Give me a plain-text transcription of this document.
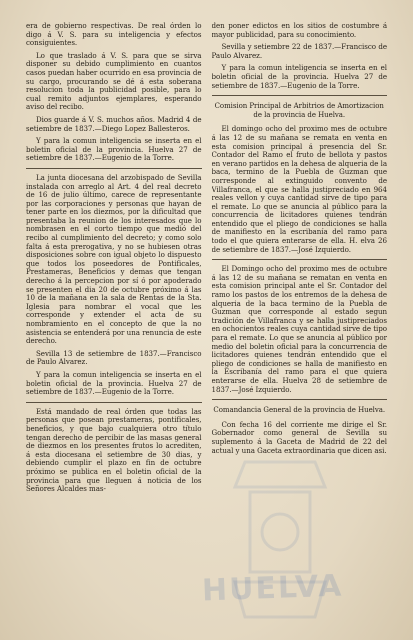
era de gobierno respectivas. De real órden lo digo á V. S. para su inteligencia y efectos consiguientes.

Lo que traslado á V. S. para que se sirva disponer su debido cumplimiento en cuantos casos puedan haber ocurrido en esa provincia de su cargo, procurando se dé á esta soberana resolucion toda la publicidad posible, para lo cual remito adjuntos ejemplares, esperando aviso del recibo.

Dios guarde á V. S. muchos años. Madrid 4 de setiembre de 1837.—Diego Lopez Ballesteros.

Y para la comun inteligencia se inserta en el boletin oficial de la provincia. Huelva 27 de setiembre de 1837.—Eugenio de la Torre.

La junta diocesana del arzobispado de Sevilla instalada con arreglo al Art. 4 del real decreto de 16 de julio último, carece de representante por las corporaciones y personas que hayan de tener parte en los diezmos, por la dificultad que presentaba la reunion de los interesados que lo nombrasen en el corto tiempo que medió del recibo al cumplimiento del decreto; y como solo falta á esta prerogativa, y no se hubiesen otras disposiciones sobre con igual objeto lo dispuesto que todos los poseedores de Pontificales, Prestameras, Beneficios y demas que tengan derecho á la percepcion por sí ó por apoderado se presenten el dia 20 de octubre próximo á las 10 de la mañana en la sala de Rentas de la Sta. Iglesia para nombrar el vocal que les corresponde y extender el acta de su nombramiento en el concepto de que la no asistencia se entenderá por una renuncia de este derecho.

Sevilla 13 de setiembre de 1837.—Francisco de Paulo Alvarez.

Y para la comun inteligencia se inserta en el boletin oficial de la provincia. Huelva 27 de setiembre de 1837.—Eugenio de la Torre.

Está mandado de real órden que todas las personas que posean prestameras, pontificales, beneficios, y que bajo cualquiera otro título tengan derecho de percibir de las masas general de diezmos en los presentes frutos lo acrediten, á esta diocesana el setiembre de 30 dias, y debiendo cumplir el plazo en fin de octubre próximo se publica en el boletin oficial de la provincia para que lleguen á noticia de los Señores Alcaldes mas-

den poner edictos en los sitios de costumbre á mayor publicidad, para su conocimiento.

Sevilla y setiembre 22 de 1837.—Francisco de Paulo Alvarez.

Y para la comun inteligencia se inserta en el boletin oficial de la provincia. Huelva 27 de setiembre de 1837.—Eugenio de la Torre.

Comision Principal de Arbitrios de Amortizacion de la provincia de Huelva.

El domingo ocho del proximo mes de octubre á las 12 de su mañana se remata en venta en esta comision principal á presencia del Sr. Contador del Ramo el fruto de bellota y pastos en verano partidos en la dehesa de alqueria de la baca, termino de la Puebla de Guzman que corresponde al extinguido convento de Villafranca, el que se halla justipreciado en 964 reales vellon y cuya cantidad sirve de tipo para el remate. Lo que se anuncia al público para la concurrencia de licitadores quienes tendrán entendido que el pliego de condiciones se halla de manifiesto en la escribanía del ramo para todo el que quiera enterarse de ella. H. elva 26 de setiembre de 1837.—José Izquierdo.

El Domingo ocho del proximo mes de octubre á las 12 de su mañana se rematan en venta en esta comision principal ante el Sr. Contador del ramo los pastos de los entremos de la dehesa de alqueria de la baca termino de la Puebla de Guzman que corresponde al estado segun tradición de Villafranca y se halla justipreciados en ochocientos reales cuya cantidad sirve de tipo para el remate. Lo que se anuncia al público por medio del boletin oficial para la concurrencia de licitadores quienes tendrán entendido que el pliego de condiciones se halla de manifiesto en la Escribanía del ramo para el que quiera enterarse de ella. Huelva 28 de setiembre de 1837.—José Izquierdo.

Comandancia General de la provincia de Huelva.

Con fecha 16 del corriente me dirige el Sr. Gobernador como general de Sevilla su suplemento á la Gaceta de Madrid de 22 del actual y una Gaceta extraordinaria que dicen asi.

HUELVA
